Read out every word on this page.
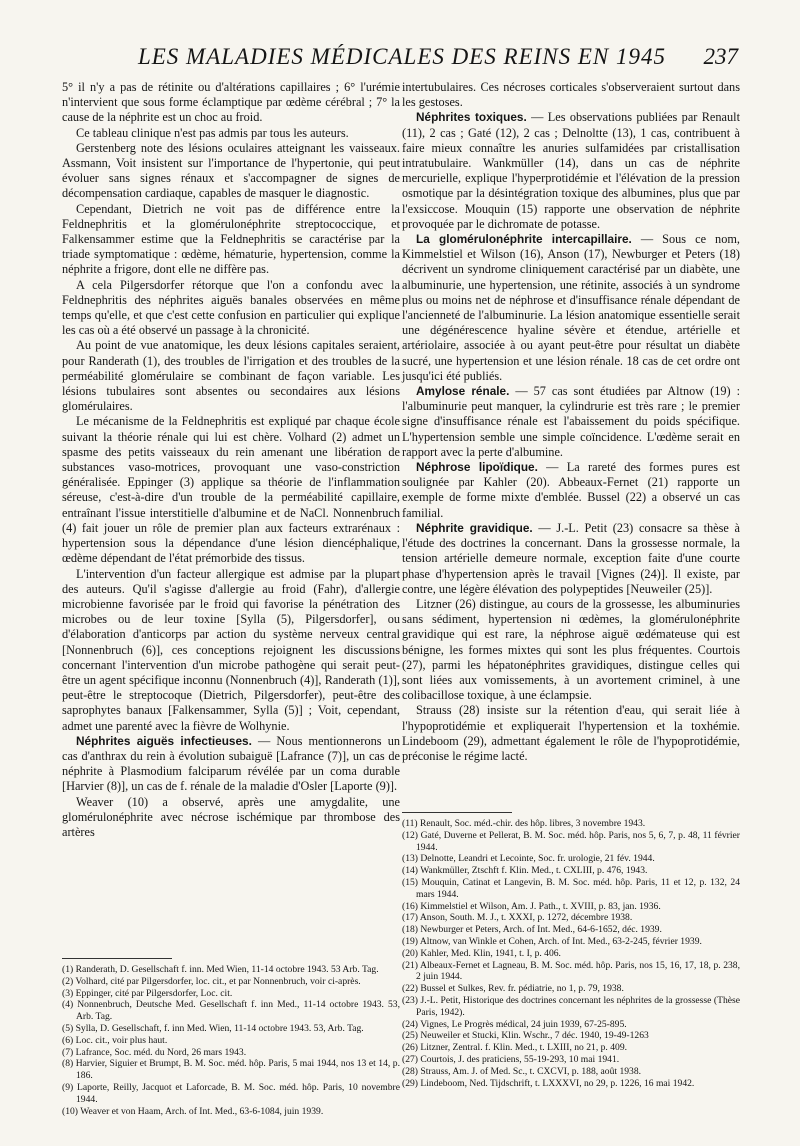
LES MALADIES MÉDICALES DES REINS EN 1945	237

5° il n'y a pas de rétinite ou d'altérations capillaires ; 6° l'urémie n'intervient que sous forme éclamptique par œdème cérébral ; 7° la cause de la néphrite est un choc au froid.

Ce tableau clinique n'est pas admis par tous les auteurs.

Gerstenberg note des lésions oculaires atteignant les vaisseaux. Assmann, Voit insistent sur l'importance de l'hypertonie, qui peut évoluer sans signes rénaux et s'accompagner de signes de décompensation cardiaque, capables de masquer le diagnostic.

Cependant, Dietrich ne voit pas de différence entre la Feldnephritis et la glomérulonéphrite streptococcique, et Falkensammer estime que la Feldnephritis se caractérise par la triade symptomatique : œdème, hématurie, hypertension, comme la néphrite a frigore, dont elle ne diffère pas.

A cela Pilgersdorfer rétorque que l'on a confondu avec la Feldnephritis des néphrites aiguës banales observées en même temps qu'elle, et que c'est cette confusion en particulier qui explique les cas où a été observé un passage à la chronicité.

Au point de vue anatomique, les deux lésions capitales seraient, pour Randerath (1), des troubles de l'irrigation et des troubles de la perméabilité glomérulaire se combinant de façon variable. Les lésions tubulaires sont absentes ou secondaires aux lésions glomérulaires.

Le mécanisme de la Feldnephritis est expliqué par chaque école suivant la théorie rénale qui lui est chère. Volhard (2) admet un spasme des petits vaisseaux du rein amenant une libération de substances vaso-motrices, provoquant une vaso-constriction généralisée. Eppinger (3) applique sa théorie de l'inflammation séreuse, c'est-à-dire d'un trouble de la perméabilité capillaire, entraînant l'issue interstitielle d'albumine et de NaCl. Nonnenbruch (4) fait jouer un rôle de premier plan aux facteurs extrarénaux : hypertension sous la dépendance d'une lésion diencéphalique, œdème dépendant de l'état prémorbide des tissus.

L'intervention d'un facteur allergique est admise par la plupart des auteurs. Qu'il s'agisse d'allergie au froid (Fahr), d'allergie microbienne favorisée par le froid qui favorise la pénétration des microbes ou de leur toxine [Sylla (5), Pilgersdorfer], ou d'élaboration d'anticorps par action du système nerveux central [Nonnenbruch (6)], ces conceptions rejoignent les discussions concernant l'intervention d'un microbe pathogène qui serait peut-être un agent spécifique inconnu (Nonnenbruch (4)], Randerath (1)], peut-être le streptocoque (Dietrich, Pilgersdorfer), peut-être des saprophytes banaux [Falkensammer, Sylla (5)] ; Voit, cependant, admet une parenté avec la fièvre de Wolhynie.

Néphrites aiguës infectieuses. — Nous mentionnerons un cas d'anthrax du rein à évolution subaiguë [Lafrance (7)], un cas de néphrite à Plasmodium falciparum révélée par un coma durable [Harvier (8)], un cas de f. rénale de la maladie d'Osler [Laporte (9)].

Weaver (10) a observé, après une amygdalite, une glomérulonéphrite avec nécrose ischémique par thrombose des artères

(1) Randerath, D. Gesellschaft f. inn. Med Wien, 11-14 octobre 1943. 53 Arb. Tag.

(2) Volhard, cité par Pilgersdorfer, loc. cit., et par Nonnenbruch, voir ci-après.

(3) Eppinger, cité par Pilgersdorfer, Loc. cit.

(4) Nonnenbruch, Deutsche Med. Gesellschaft f. inn Med., 11-14 octobre 1943. 53, Arb. Tag.

(5) Sylla, D. Gesellschaft, f. inn Med. Wien, 11-14 octobre 1943. 53, Arb. Tag.

(6) Loc. cit., voir plus haut.

(7) Lafrance, Soc. méd. du Nord, 26 mars 1943.

(8) Harvier, Siguier et Brumpt, B. M. Soc. méd. hôp. Paris, 5 mai 1944, nos 13 et 14, p. 186.

(9) Laporte, Reilly, Jacquot et Laforcade, B. M. Soc. méd. hôp. Paris, 10 novembre 1944.

(10) Weaver et von Haam, Arch. of Int. Med., 63-6-1084, juin 1939.

intertubulaires. Ces nécroses corticales s'observeraient surtout dans les gestoses.

Néphrites toxiques. — Les observations publiées par Renault (11), 2 cas ; Gaté (12), 2 cas ; Delnoltte (13), 1 cas, contribuent à faire mieux connaître les anuries sulfamidées par cristallisation intratubulaire. Wankmüller (14), dans un cas de néphrite mercurielle, explique l'hyperprotidémie et l'élévation de la pression osmotique par la désintégration toxique des albumines, plus que par l'exsiccose. Mouquin (15) rapporte une observation de néphrite provoquée par le dichromate de potasse.

La glomérulonéphrite intercapillaire. — Sous ce nom, Kimmelstiel et Wilson (16), Anson (17), Newburger et Peters (18) décrivent un syndrome cliniquement caractérisé par un diabète, une albuminurie, une hypertension, une rétinite, associés à un syndrome plus ou moins net de néphrose et d'insuffisance rénale dépendant de l'ancienneté de l'albuminurie. La lésion anatomique essentielle serait une dégénérescence hyaline sévère et étendue, artérielle et artériolaire, associée à ou ayant peut-être pour résultat un diabète sucré, une hypertension et une lésion rénale. 18 cas de cet ordre ont jusqu'ici été publiés.

Amylose rénale. — 57 cas sont étudiées par Altnow (19) : l'albuminurie peut manquer, la cylindrurie est très rare ; le premier signe d'insuffisance rénale est l'abaissement du poids spécifique. L'hypertension semble une simple coïncidence. L'œdème serait en rapport avec la perte d'albumine.

Néphrose lipoïdique. — La rareté des formes pures est soulignée par Kahler (20). Abbeaux-Fernet (21) rapporte un exemple de forme mixte d'emblée. Bussel (22) a observé un cas familial.

Néphrite gravidique. — J.-L. Petit (23) consacre sa thèse à l'étude des doctrines la concernant. Dans la grossesse normale, la tension artérielle demeure normale, exception faite d'une courte phase d'hypertension après le travail [Vignes (24)]. Il existe, par contre, une légère élévation des polypeptides [Neuweiler (25)].

Litzner (26) distingue, au cours de la grossesse, les albuminuries sans sédiment, hypertension ni œdèmes, la glomérulonéphrite gravidique qui est rare, la néphrose aiguë œdémateuse qui est bénigne, les formes mixtes qui sont les plus fréquentes. Courtois (27), parmi les hépatonéphrites gravidiques, distingue celles qui sont liées aux vomissements, à un avortement criminel, à une colibacillose toxique, à une éclampsie.

Strauss (28) insiste sur la rétention d'eau, qui serait liée à l'hypoprotidémie et expliquerait l'hypertension et la toxhémie. Lindeboom (29), admettant également le rôle de l'hypoprotidémie, préconise le régime lacté.

(11) Renault, Soc. méd.-chir. des hôp. libres, 3 novembre 1943.

(12) Gaté, Duverne et Pellerat, B. M. Soc. méd. hôp. Paris, nos 5, 6, 7, p. 48, 11 février 1944.

(13) Delnotte, Leandri et Lecointe, Soc. fr. urologie, 21 fév. 1944.

(14) Wankmüller, Ztschft f. Klin. Med., t. CXLIII, p. 476, 1943.

(15) Mouquin, Catinat et Langevin, B. M. Soc. méd. hôp. Paris, 11 et 12, p. 132, 24 mars 1944.

(16) Kimmelstiel et Wilson, Am. J. Path., t. XVIII, p. 83, jan. 1936.

(17) Anson, South. M. J., t. XXXI, p. 1272, décembre 1938.

(18) Newburger et Peters, Arch. of Int. Med., 64-6-1652, déc. 1939.

(19) Altnow, van Winkle et Cohen, Arch. of Int. Med., 63-2-245, février 1939.

(20) Kahler, Med. Klin, 1941, t. I, p. 406.

(21) Albeaux-Fernet et Lagneau, B. M. Soc. méd. hôp. Paris, nos 15, 16, 17, 18, p. 238, 2 juin 1944.

(22) Bussel et Sulkes, Rev. fr. pédiatrie, no 1, p. 79, 1938.

(23) J.-L. Petit, Historique des doctrines concernant les néphrites de la grossesse (Thèse Paris, 1942).

(24) Vignes, Le Progrès médical, 24 juin 1939, 67-25-895.

(25) Neuweiler et Stucki, Klin. Wschr., 7 déc. 1940, 19-49-1263

(26) Litzner, Zentral. f. Klin. Med., t. LXIII, no 21, p. 409.

(27) Courtois, J. des praticiens, 55-19-293, 10 mai 1941.

(28) Strauss, Am. J. of Med. Sc., t. CXCVI, p. 188, août 1938.

(29) Lindeboom, Ned. Tijdschrift, t. LXXXVI, no 29, p. 1226, 16 mai 1942.
